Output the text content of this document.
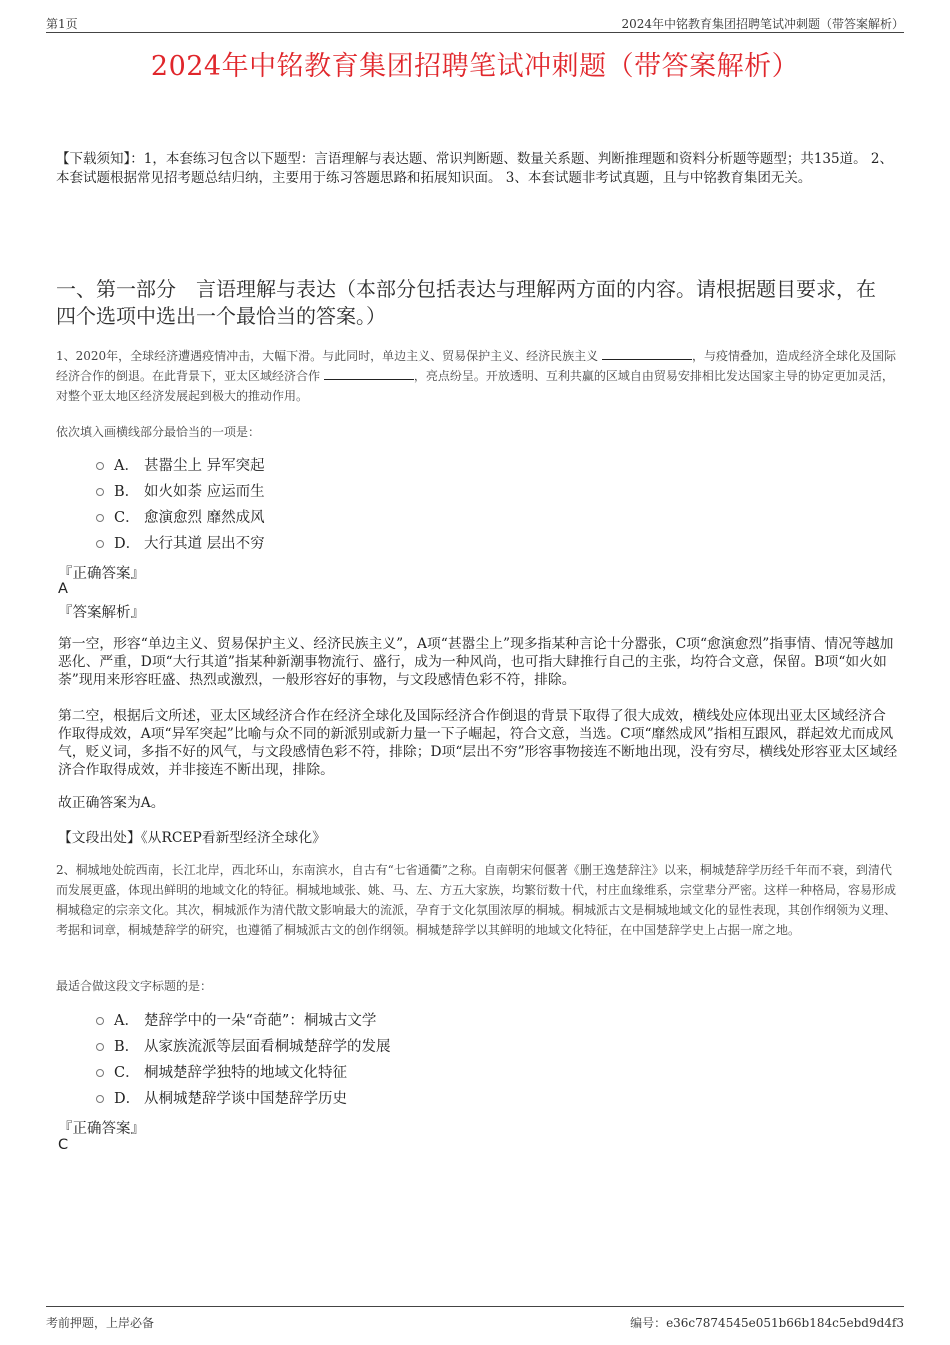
第1页	2024年中铭教育集团招聘笔试冲刺题（带答案解析）
2024年中铭教育集团招聘笔试冲刺题（带答案解析）
【下载须知】：1，本套练习包含以下题型：言语理解与表达题、常识判断题、数量关系题、判断推理题和资料分析题等题型；共135道。 2、本套试题根据常见招考题总结归纳，主要用于练习答题思路和拓展知识面。 3、本套试题非考试真题，且与中铭教育集团无关。
一、第一部分　言语理解与表达（本部分包括表达与理解两方面的内容。请根据题目要求，在四个选项中选出一个最恰当的答案。）
1、2020年，全球经济遭遇疫情冲击，大幅下滑。与此同时，单边主义、贸易保护主义、经济民族主义	，与疫情叠加，造成经济全球化及国际经济合作的倒退。在此背景下，亚太区域经济合作	，亮点纷呈。开放透明、互利共赢的区域自由贸易安排相比发达国家主导的协定更加灵活，对整个亚太地区经济发展起到极大的推动作用。
依次填入画横线部分最恰当的一项是：
A． 甚嚣尘上 异军突起
B． 如火如荼 应运而生
C． 愈演愈烈 靡然成风
D． 大行其道 层出不穷
『正确答案』
A
『答案解析』
第一空，形容“单边主义、贸易保护主义、经济民族主义”，A项“甚嚣尘上”现多指某种言论十分嚣张，C项“愈演愈烈”指事情、情况等越加恶化、严重，D项“大行其道”指某种新潮事物流行、盛行，成为一种风尚，也可指大肆推行自己的主张，均符合文意，保留。B项“如火如荼”现用来形容旺盛、热烈或激烈，一般形容好的事物，与文段感情色彩不符，排除。
第二空，根据后文所述，亚太区域经济合作在经济全球化及国际经济合作倒退的背景下取得了很大成效，横线处应体现出亚太区域经济合作取得成效，A项“异军突起”比喻与众不同的新派别或新力量一下子崛起，符合文意，当选。C项“靡然成风”指相互跟风，群起效尤而成风气，贬义词，多指不好的风气，与文段感情色彩不符，排除；D项“层出不穷”形容事物接连不断地出现，没有穷尽，横线处形容亚太区域经济合作取得成效，并非接连不断出现，排除。
故正确答案为A。
【文段出处】《从RCEP看新型经济全球化》
2、桐城地处皖西南，长江北岸，西北环山，东南滨水，自古有“七省通衢”之称。自南朝宋何偃著《删王逸楚辞注》以来，桐城楚辞学历经千年而不衰，到清代而发展更盛，体现出鲜明的地域文化的特征。桐城地域张、姚、马、左、方五大家族，均繁衍数十代，村庄血缘维系，宗堂辈分严密。这样一种格局，容易形成桐城稳定的宗亲文化。其次，桐城派作为清代散文影响最大的流派，孕育于文化氛围浓厚的桐城。桐城派古文是桐城地域文化的显性表现，其创作纲领为义理、考据和词章，桐城楚辞学的研究，也遵循了桐城派古文的创作纲领。桐城楚辞学以其鲜明的地域文化特征，在中国楚辞学史上占据一席之地。
最适合做这段文字标题的是：
A． 楚辞学中的一朵“奇葩”：桐城古文学
B． 从家族流派等层面看桐城楚辞学的发展
C． 桐城楚辞学独特的地域文化特征
D． 从桐城楚辞学谈中国楚辞学历史
『正确答案』
C
考前押题，上岸必备	编号：e36c7874545e051b66b184c5ebd9d4f3
